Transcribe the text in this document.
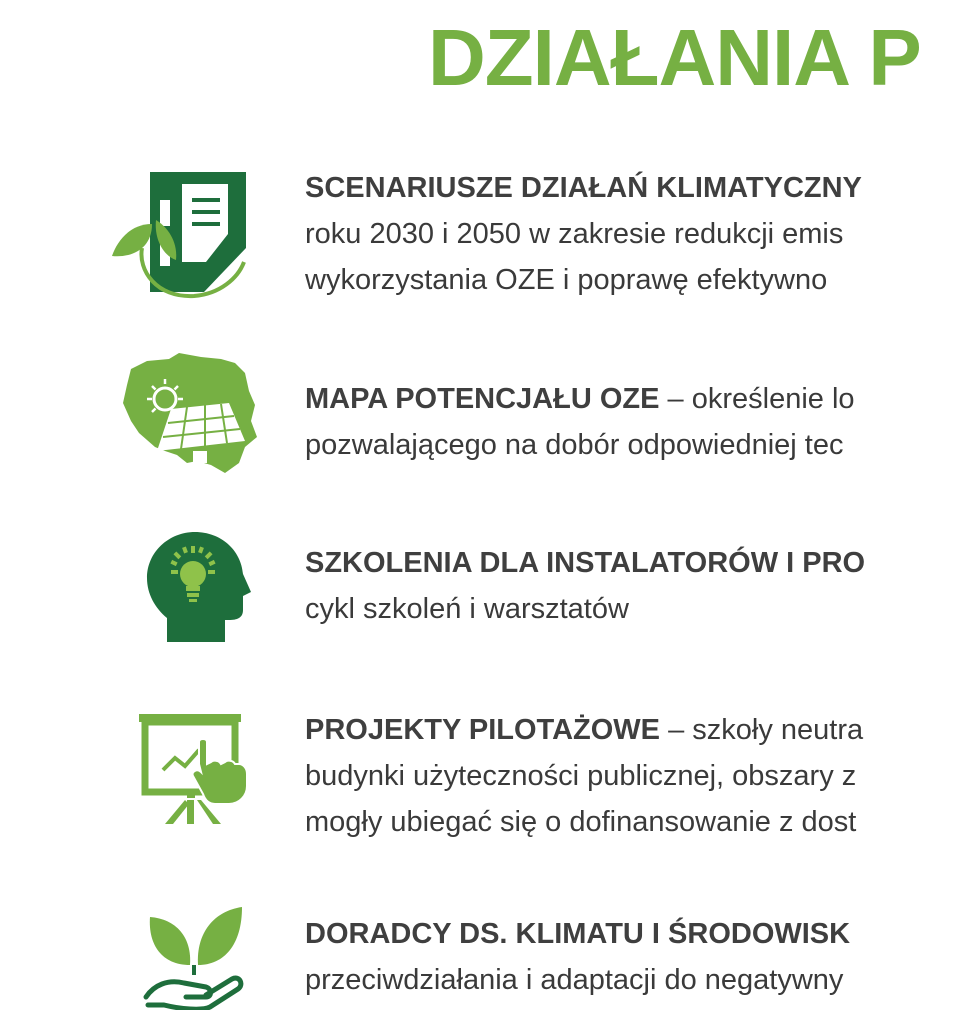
DZIAŁANIA P
SCENARIUSZE DZIAŁAŃ KLIMATYCZNY
roku 2030 i 2050 w zakresie redukcji emis
wykorzystania OZE i poprawę efektywno
MAPA POTENCJAŁU OZE – określenie lo
pozwalającego na dobór odpowiedniej tec
SZKOLENIA DLA INSTALATORÓW I PRO
cykl szkoleń i warsztatów
PROJEKTY PILOTAŻOWE – szkoły neutra
budynki użyteczności publicznej, obszary z
mogły ubiegać się o dofinansowanie z dost
DORADCY DS. KLIMATU I ŚRODOWISK
przeciwdziałania i adaptacji do negatywny
